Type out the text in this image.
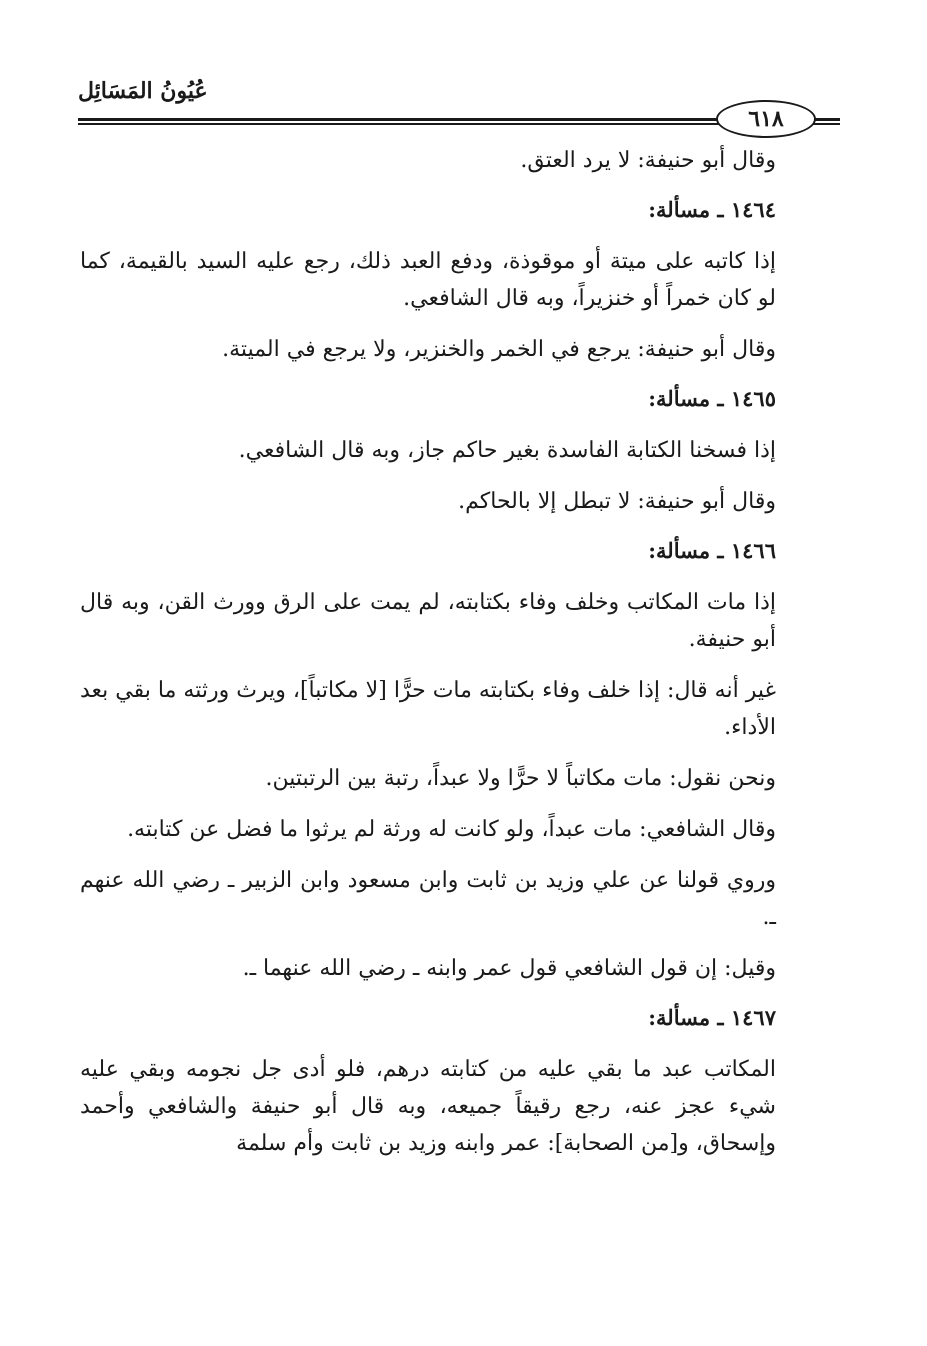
عُيُونُ المَسَائِل
٦١٨

وقال أبو حنيفة: لا يرد العتق.

١٤٦٤ ـ مسألة:

إذا كاتبه على ميتة أو موقوذة، ودفع العبد ذلك، رجع عليه السيد بالقيمة، كما لو كان خمراً أو خنزيراً، وبه قال الشافعي.

وقال أبو حنيفة: يرجع في الخمر والخنزير، ولا يرجع في الميتة.

١٤٦٥ ـ مسألة:

إذا فسخنا الكتابة الفاسدة بغير حاكم جاز، وبه قال الشافعي.

وقال أبو حنيفة: لا تبطل إلا بالحاكم.

١٤٦٦ ـ مسألة:

إذا مات المكاتب وخلف وفاء بكتابته، لم يمت على الرق وورث القن، وبه قال أبو حنيفة.

غير أنه قال: إذا خلف وفاء بكتابته مات حرًّا [لا مكاتباً]، ويرث ورثته ما بقي بعد الأداء.

ونحن نقول: مات مكاتباً لا حرًّا ولا عبداً، رتبة بين الرتبتين.

وقال الشافعي: مات عبداً، ولو كانت له ورثة لم يرثوا ما فضل عن كتابته.

وروي قولنا عن علي وزيد بن ثابت وابن مسعود وابن الزبير ـ رضي الله عنهم ـ.

وقيل: إن قول الشافعي قول عمر وابنه ـ رضي الله عنهما ـ.

١٤٦٧ ـ مسألة:

المكاتب عبد ما بقي عليه من كتابته درهم، فلو أدى جل نجومه وبقي عليه شيء عجز عنه، رجع رقيقاً جميعه، وبه قال أبو حنيفة والشافعي وأحمد وإسحاق، و[من الصحابة]: عمر وابنه وزيد بن ثابت وأم سلمة
